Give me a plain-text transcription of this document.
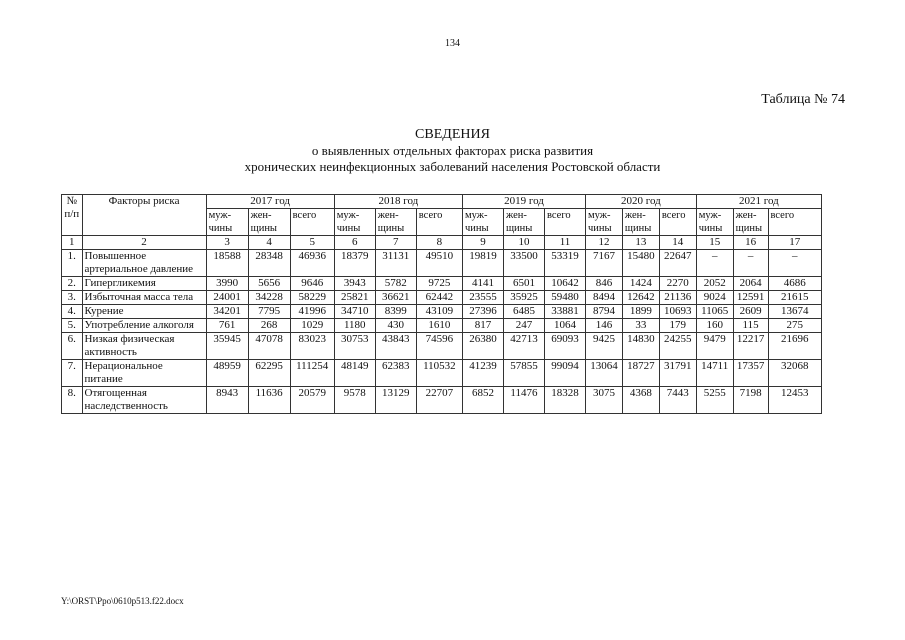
134
Таблица № 74
СВЕДЕНИЯ
о выявленных отдельных факторах риска развития
хронических неинфекционных заболеваний населения Ростовской области
№ п/п	Факторы риска	2017 год			2018 год			2019 год			2020 год			2021 год		
		муж-чины	жен-щины	всего	муж-чины	жен-щины	всего	муж-чины	жен-щины	всего	муж-чины	жен-щины	всего	муж-чины	жен-щины	всего
1	2	3	4	5	6	7	8	9	10	11	12	13	14	15	16	17
1.	Повышенное артериальное давление	18588	28348	46936	18379	31131	49510	19819	33500	53319	7167	15480	22647	–	–	–
2.	Гипергликемия	3990	5656	9646	3943	5782	9725	4141	6501	10642	846	1424	2270	2052	2064	4686
3.	Избыточная масса тела	24001	34228	58229	25821	36621	62442	23555	35925	59480	8494	12642	21136	9024	12591	21615
4.	Курение	34201	7795	41996	34710	8399	43109	27396	6485	33881	8794	1899	10693	11065	2609	13674
5.	Употребление алкоголя	761	268	1029	1180	430	1610	817	247	1064	146	33	179	160	115	275
6.	Низкая физическая активность	35945	47078	83023	30753	43843	74596	26380	42713	69093	9425	14830	24255	9479	12217	21696
7.	Нерациональное питание	48959	62295	111254	48149	62383	110532	41239	57855	99094	13064	18727	31791	14711	17357	32068
8.	Отягощенная наследственность	8943	11636	20579	9578	13129	22707	6852	11476	18328	3075	4368	7443	5255	7198	12453
Y:\ORST\Ppo\0610p513.f22.docx
